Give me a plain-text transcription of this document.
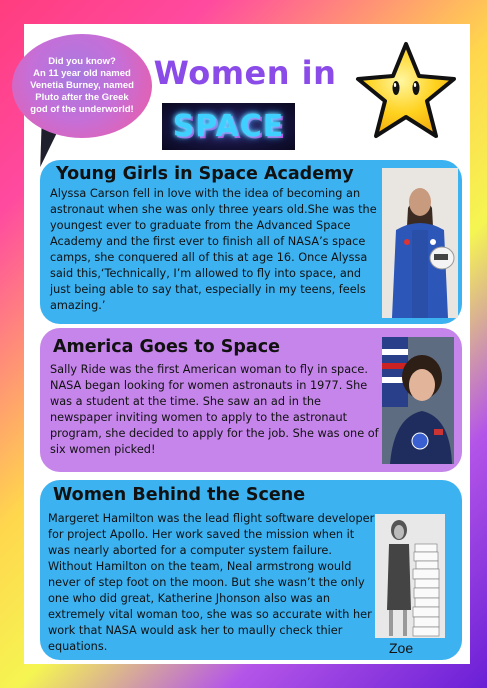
Did you know?
An 11 year old named Venetia Burney, named Pluto after the Greek god of the underworld!
Women in
SPACE
Young Girls in Space Academy

Alyssa Carson fell in love with the idea of becoming an astronaut when she was only three years old.She was the youngest ever to graduate from the Advanced Space Academy and the first ever to finish all of NASA’s space camps, she conquered all of this at age 16. Once Alyssa said this,‘Technically, I’m allowed to fly into space, and just being able to say that, especially in my teens, feels amazing.’

America Goes to Space

Sally Ride was the first American woman to fly in space. NASA began looking for women astronauts in 1977. She was a student at the time. She saw an ad in the newspaper inviting women to apply to the astronaut program, she decided to apply for the job. She was one of six women picked!

Women Behind the Scene

Margeret Hamilton was the lead flight software developer for project Apollo. Her work saved the mission when it was nearly aborted for a computer system failure. Without Hamilton on the team, Neal armstrong would never of step foot on the moon. But she wasn’t the only one who did great, Katherine Jhonson also was an extremely vital woman too, she was so accurate with her work that NASA would ask her to maully check thier equations.	Zoe
